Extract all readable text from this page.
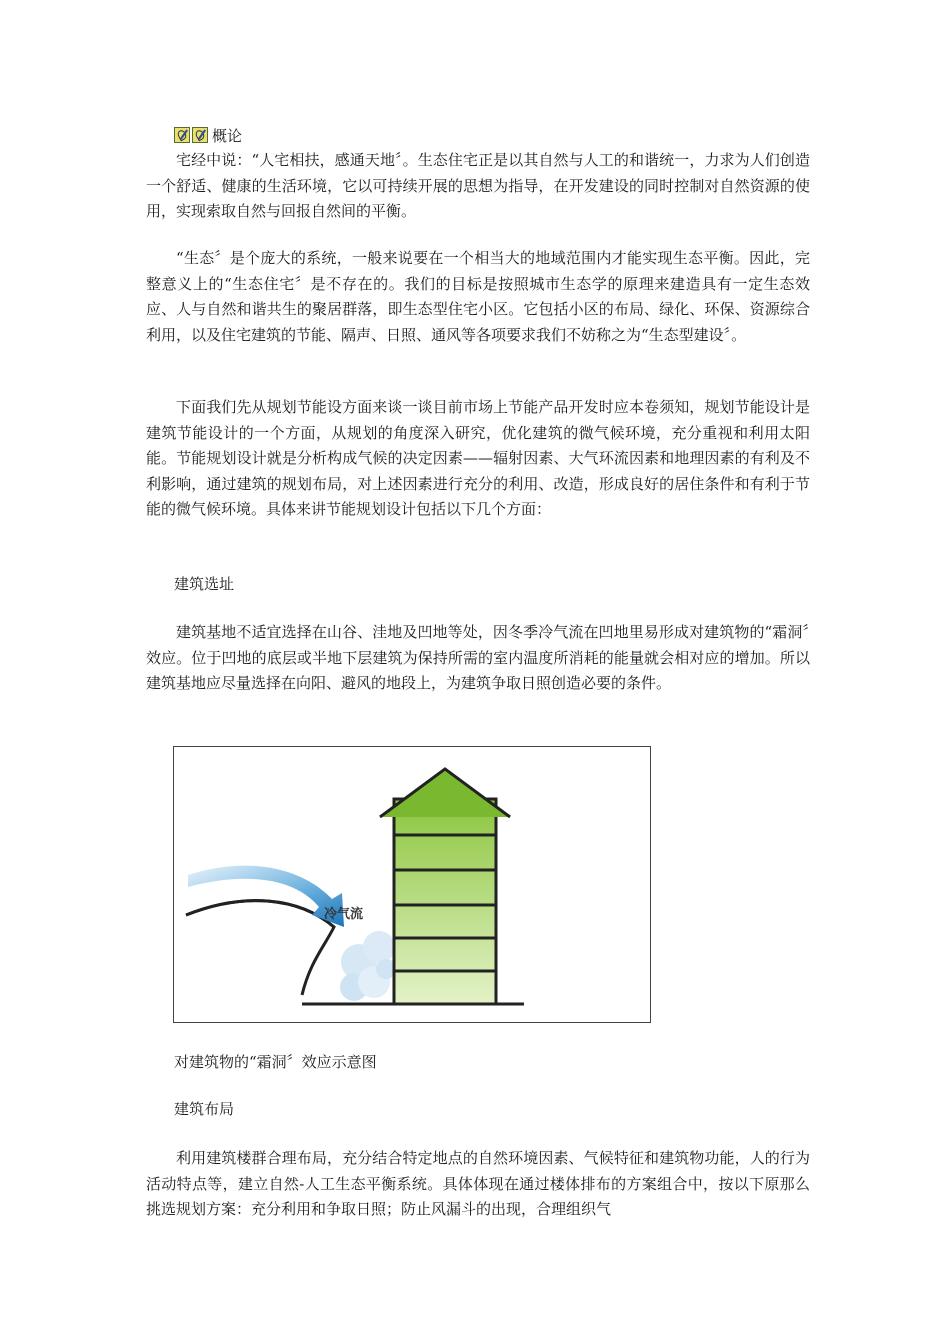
概论

宅经中说：“人宅相扶，感通天地〞。生态住宅正是以其自然与人工的和谐统一，力求为人们创造一个舒适、健康的生活环境，它以可持续开展的思想为指导，在开发建设的同时控制对自然资源的使用，实现索取自然与回报自然间的平衡。

“生态〞是个庞大的系统，一般来说要在一个相当大的地域范围内才能实现生态平衡。因此，完整意义上的“生态住宅〞是不存在的。我们的目标是按照城市生态学的原理来建造具有一定生态效应、人与自然和谐共生的聚居群落，即生态型住宅小区。它包括小区的布局、绿化、环保、资源综合利用，以及住宅建筑的节能、隔声、日照、通风等各项要求我们不妨称之为“生态型建设〞。

下面我们先从规划节能设方面来谈一谈目前市场上节能产品开发时应本卷须知，规划节能设计是建筑节能设计的一个方面，从规划的角度深入研究，优化建筑的微气候环境，充分重视和利用太阳能。节能规划设计就是分析构成气候的决定因素——辐射因素、大气环流因素和地理因素的有利及不利影响，通过建筑的规划布局，对上述因素进行充分的利用、改造，形成良好的居住条件和有利于节能的微气候环境。具体来讲节能规划设计包括以下几个方面：

建筑选址

建筑基地不适宜选择在山谷、洼地及凹地等处，因冬季冷气流在凹地里易形成对建筑物的“霜洞〞效应。位于凹地的底层或半地下层建筑为保持所需的室内温度所消耗的能量就会相对应的增加。所以建筑基地应尽量选择在向阳、避风的地段上，为建筑争取日照创造必要的条件。

冷气流

对建筑物的“霜洞〞效应示意图

建筑布局

利用建筑楼群合理布局，充分结合特定地点的自然环境因素、气候特征和建筑物功能，人的行为活动特点等，建立自然-人工生态平衡系统。具体体现在通过楼体排布的方案组合中，按以下原那么挑选规划方案：充分利用和争取日照；防止风漏斗的出现，合理组织气
